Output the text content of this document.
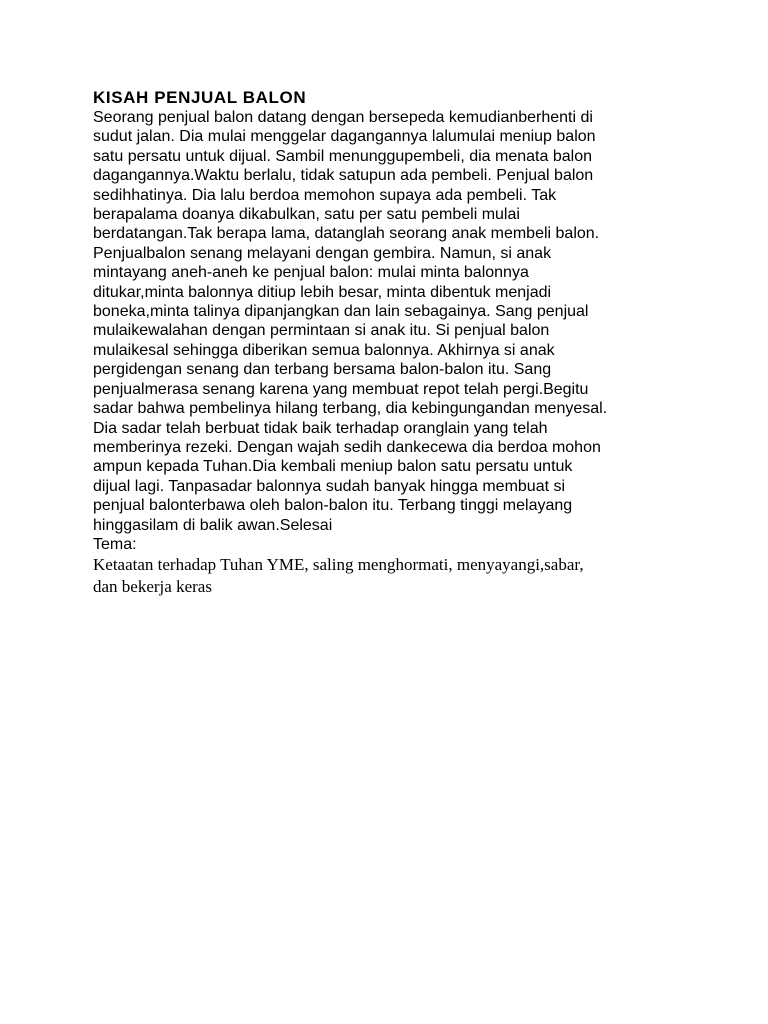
KISAH PENJUAL BALON

Seorang penjual balon datang dengan bersepeda kemudianberhenti di

sudut jalan. Dia mulai menggelar dagangannya lalumulai meniup balon

satu persatu untuk dijual. Sambil menunggupembeli, dia menata balon

dagangannya.Waktu berlalu, tidak satupun ada pembeli. Penjual balon

sedihhatinya. Dia lalu berdoa memohon supaya ada pembeli. Tak

berapalama doanya dikabulkan, satu per satu pembeli mulai

berdatangan.Tak berapa lama, datanglah seorang anak membeli balon.

Penjualbalon senang melayani dengan gembira. Namun, si anak

mintayang aneh-aneh ke penjual balon: mulai minta balonnya

ditukar,minta balonnya ditiup lebih besar, minta dibentuk menjadi

boneka,minta talinya dipanjangkan dan lain sebagainya. Sang penjual

mulaikewalahan dengan permintaan si anak itu. Si penjual balon

mulaikesal sehingga diberikan semua balonnya. Akhirnya si anak

pergidengan senang dan terbang bersama balon-balon itu. Sang

penjualmerasa senang karena yang membuat repot telah pergi.Begitu

sadar bahwa pembelinya hilang terbang, dia kebingungandan menyesal.

Dia sadar telah berbuat tidak baik terhadap oranglain yang telah

memberinya rezeki. Dengan wajah sedih dankecewa dia berdoa mohon

ampun kepada Tuhan.Dia kembali meniup balon satu persatu untuk

dijual lagi. Tanpasadar balonnya sudah banyak hingga membuat si

penjual balonterbawa oleh balon-balon itu. Terbang tinggi melayang

hinggasilam di balik awan.Selesai

Tema:

Ketaatan terhadap Tuhan YME, saling menghormati, menyayangi,sabar,

dan bekerja keras
